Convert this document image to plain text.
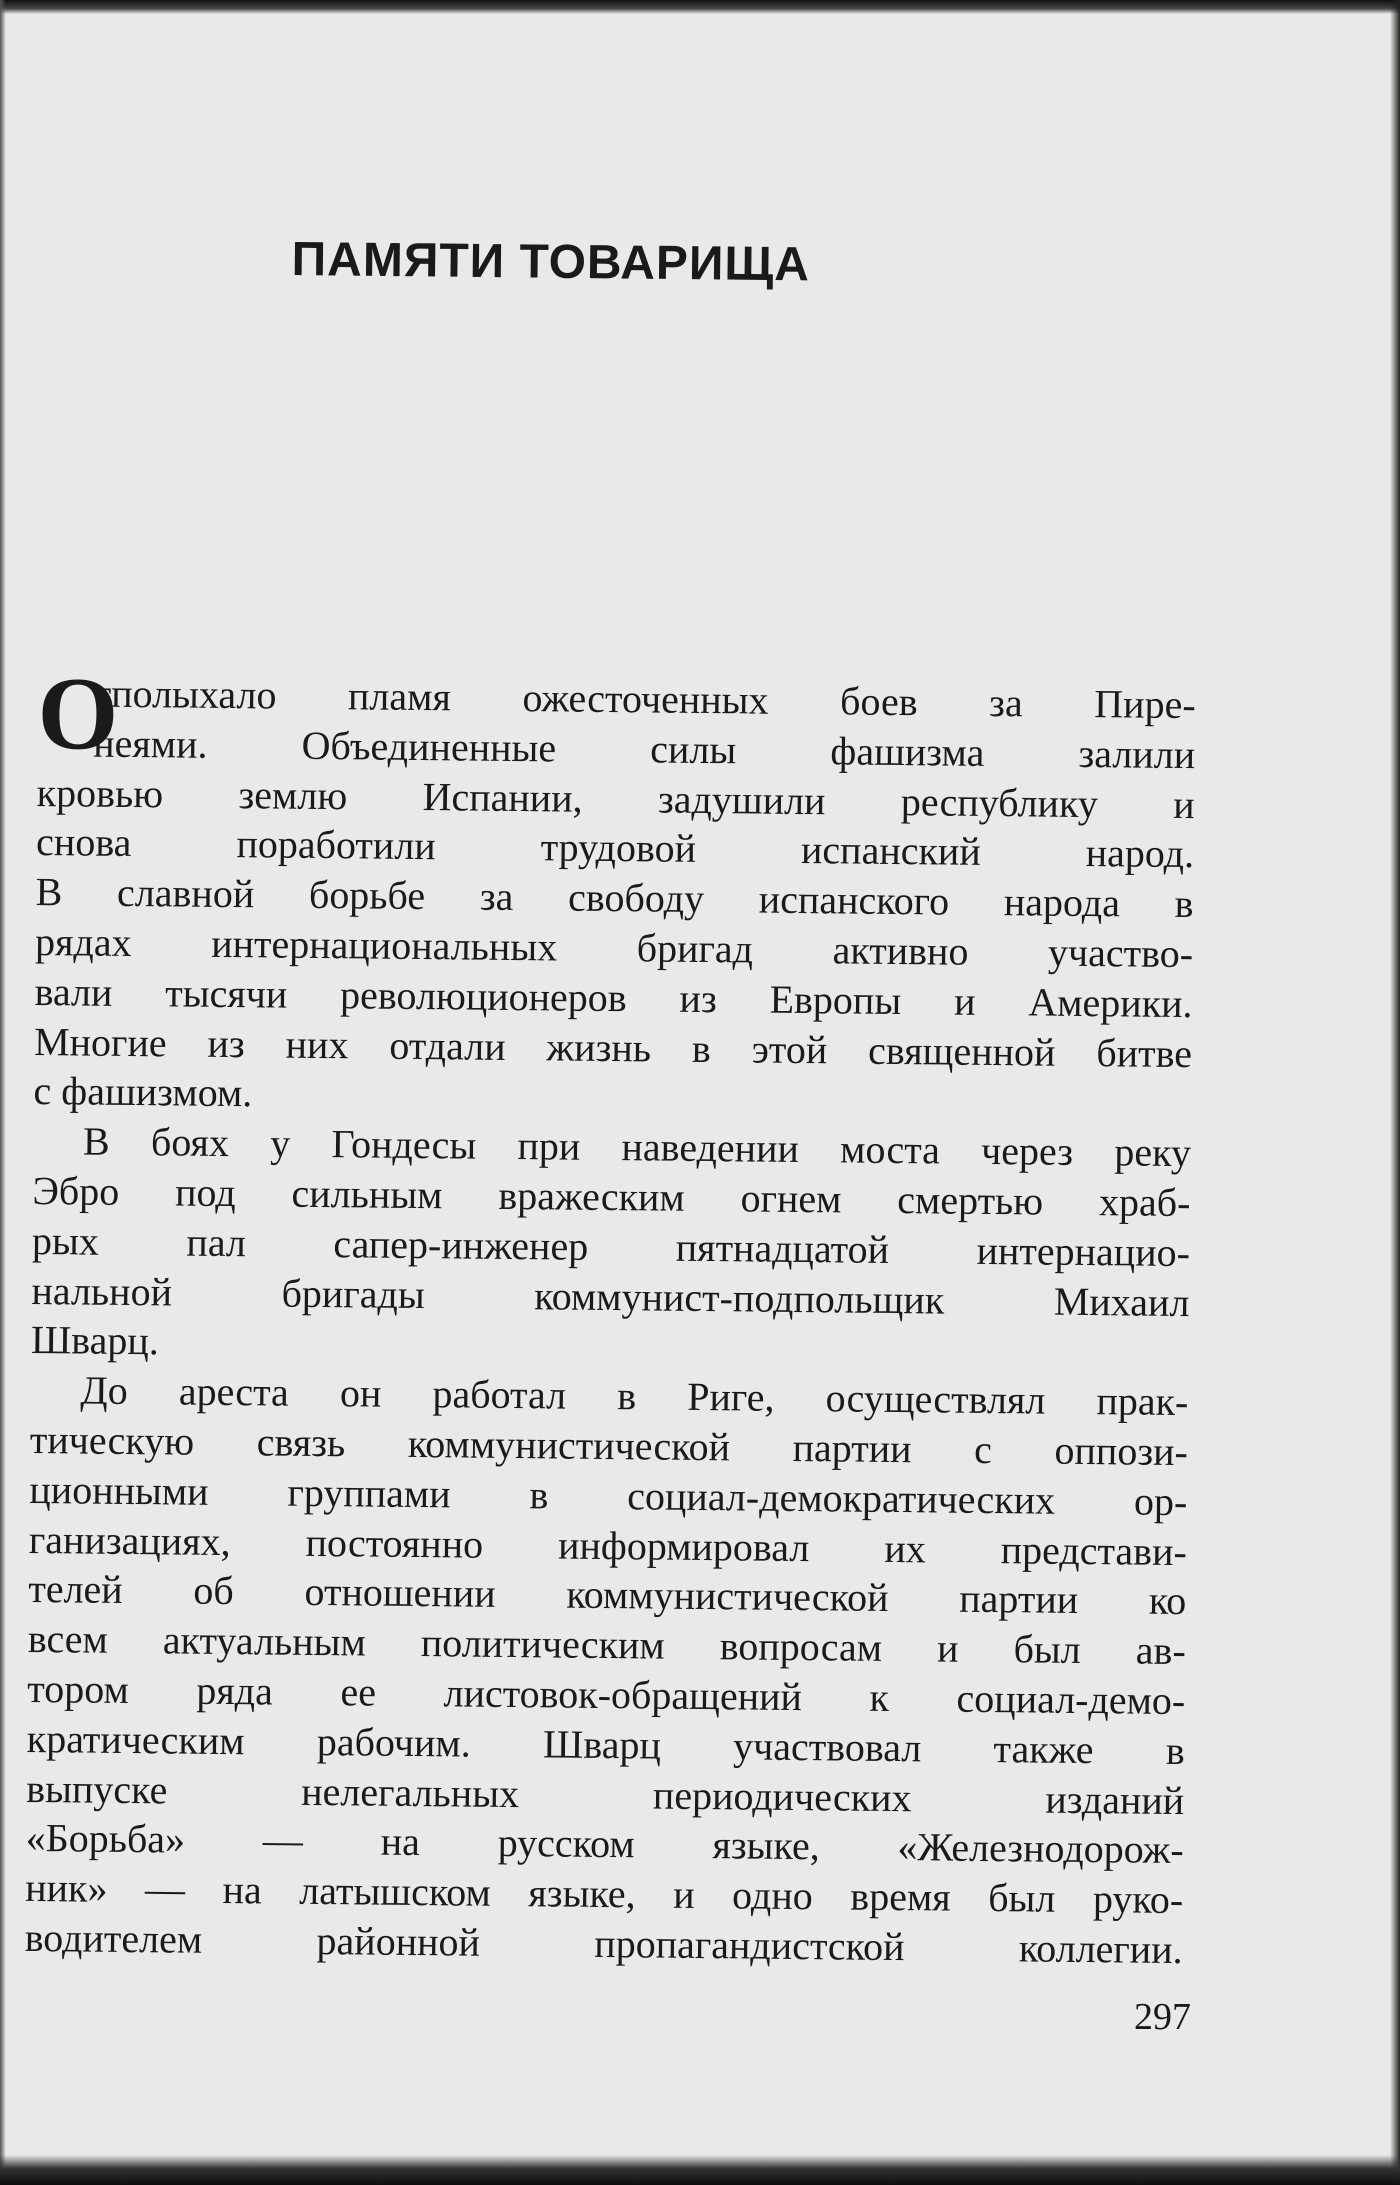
ПАМЯТИ ТОВАРИЩА
О
тполыхало пламя ожесточенных боев за Пире-
неями. Объединенные силы фашизма залили
кровью землю Испании, задушили республику и
снова поработили трудовой испанский народ.
В славной борьбе за свободу испанского народа в
рядах интернациональных бригад активно участво-
вали тысячи революционеров из Европы и Америки.
Многие из них отдали жизнь в этой священной битве
с фашизмом.
В боях у Гондесы при наведении моста через реку
Эбро под сильным вражеским огнем смертью храб-
рых пал сапер-инженер пятнадцатой интернацио-
нальной бригады коммунист-подпольщик Михаил
Шварц.
До ареста он работал в Риге, осуществлял прак-
тическую связь коммунистической партии с оппози-
ционными группами в социал-демократических ор-
ганизациях, постоянно информировал их представи-
телей об отношении коммунистической партии ко
всем актуальным политическим вопросам и был ав-
тором ряда ее листовок-обращений к социал-демо-
кратическим рабочим. Шварц участвовал также в
выпуске нелегальных периодических изданий
«Борьба» — на русском языке, «Железнодорож-
ник» — на латышском языке, и одно время был руко-
водителем районной пропагандистской коллегии.
297
